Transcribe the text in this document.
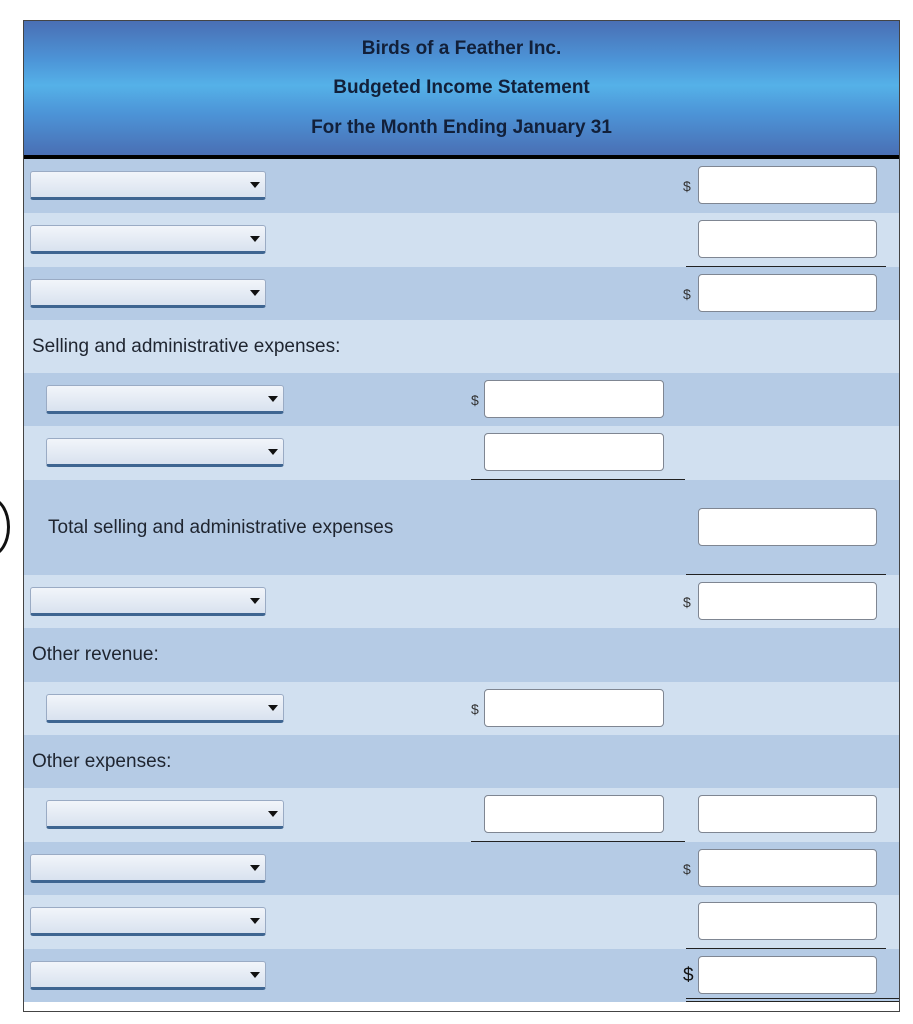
Birds of a Feather Inc.
Budgeted Income Statement
For the Month Ending January 31
$
$
Selling and administrative expenses:
$
Total selling and administrative expenses
$
Other revenue:
$
Other expenses:
$
$
